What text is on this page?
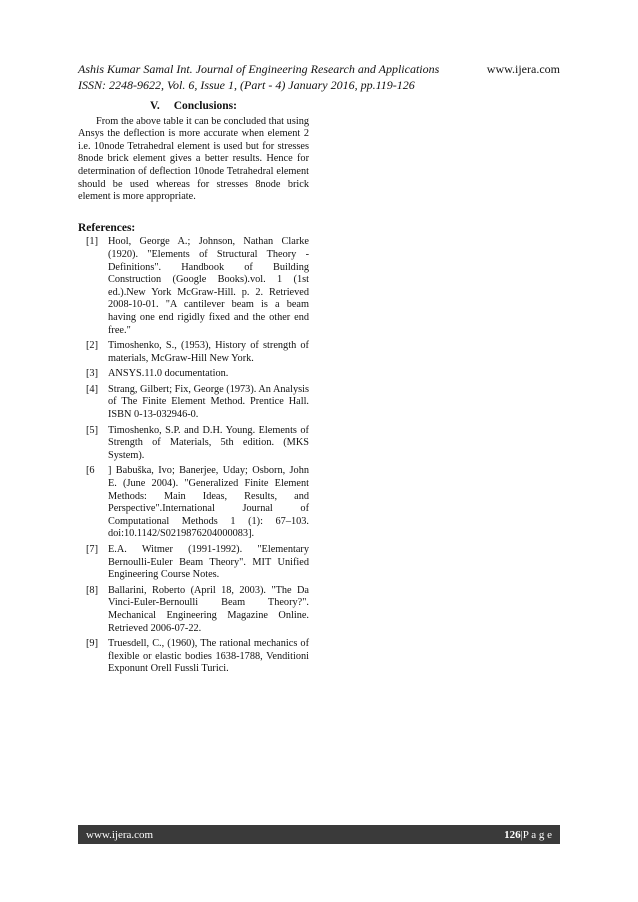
Ashis Kumar Samal Int. Journal of Engineering Research and Applications	www.ijera.com
ISSN: 2248-9622, Vol. 6, Issue 1, (Part - 4) January 2016, pp.119-126
V. Conclusions:

From the above table it can be concluded that using Ansys the deflection is more accurate when element 2 i.e. 10node Tetrahedral element is used but for stresses 8node brick element gives a better results. Hence for determination of deflection 10node Tetrahedral element should be used whereas for stresses 8node brick element is more appropriate.

References:
[1] Hool, George A.; Johnson, Nathan Clarke (1920). "Elements of Structural Theory - Definitions". Handbook of Building Construction (Google Books).vol. 1 (1st ed.).New York McGraw-Hill. p. 2. Retrieved 2008-10-01. "A cantilever beam is a beam having one end rigidly fixed and the other end free."
[2] Timoshenko, S., (1953), History of strength of materials, McGraw-Hill New York.
[3] ANSYS.11.0 documentation.
[4] Strang, Gilbert; Fix, George (1973). An Analysis of The Finite Element Method. Prentice Hall. ISBN 0-13-032946-0.
[5] Timoshenko, S.P. and D.H. Young. Elements of Strength of Materials, 5th edition. (MKS System).
[6	] Babuška, Ivo; Banerjee, Uday; Osborn, John E. (June 2004). "Generalized Finite Element Methods: Main Ideas, Results, and Perspective".International Journal of Computational Methods 1 (1): 67–103. doi:10.1142/S0219876204000083].
[7] E.A. Witmer (1991-1992). "Elementary Bernoulli-Euler Beam Theory". MIT Unified Engineering Course Notes.
[8] Ballarini, Roberto (April 18, 2003). "The Da Vinci-Euler-Bernoulli Beam Theory?". Mechanical Engineering Magazine Online. Retrieved 2006-07-22.
[9] Truesdell, C., (1960), The rational mechanics of flexible or elastic bodies 1638-1788, Venditioni Exponunt Orell Fussli Turici.
www.ijera.com	126|P a g e
